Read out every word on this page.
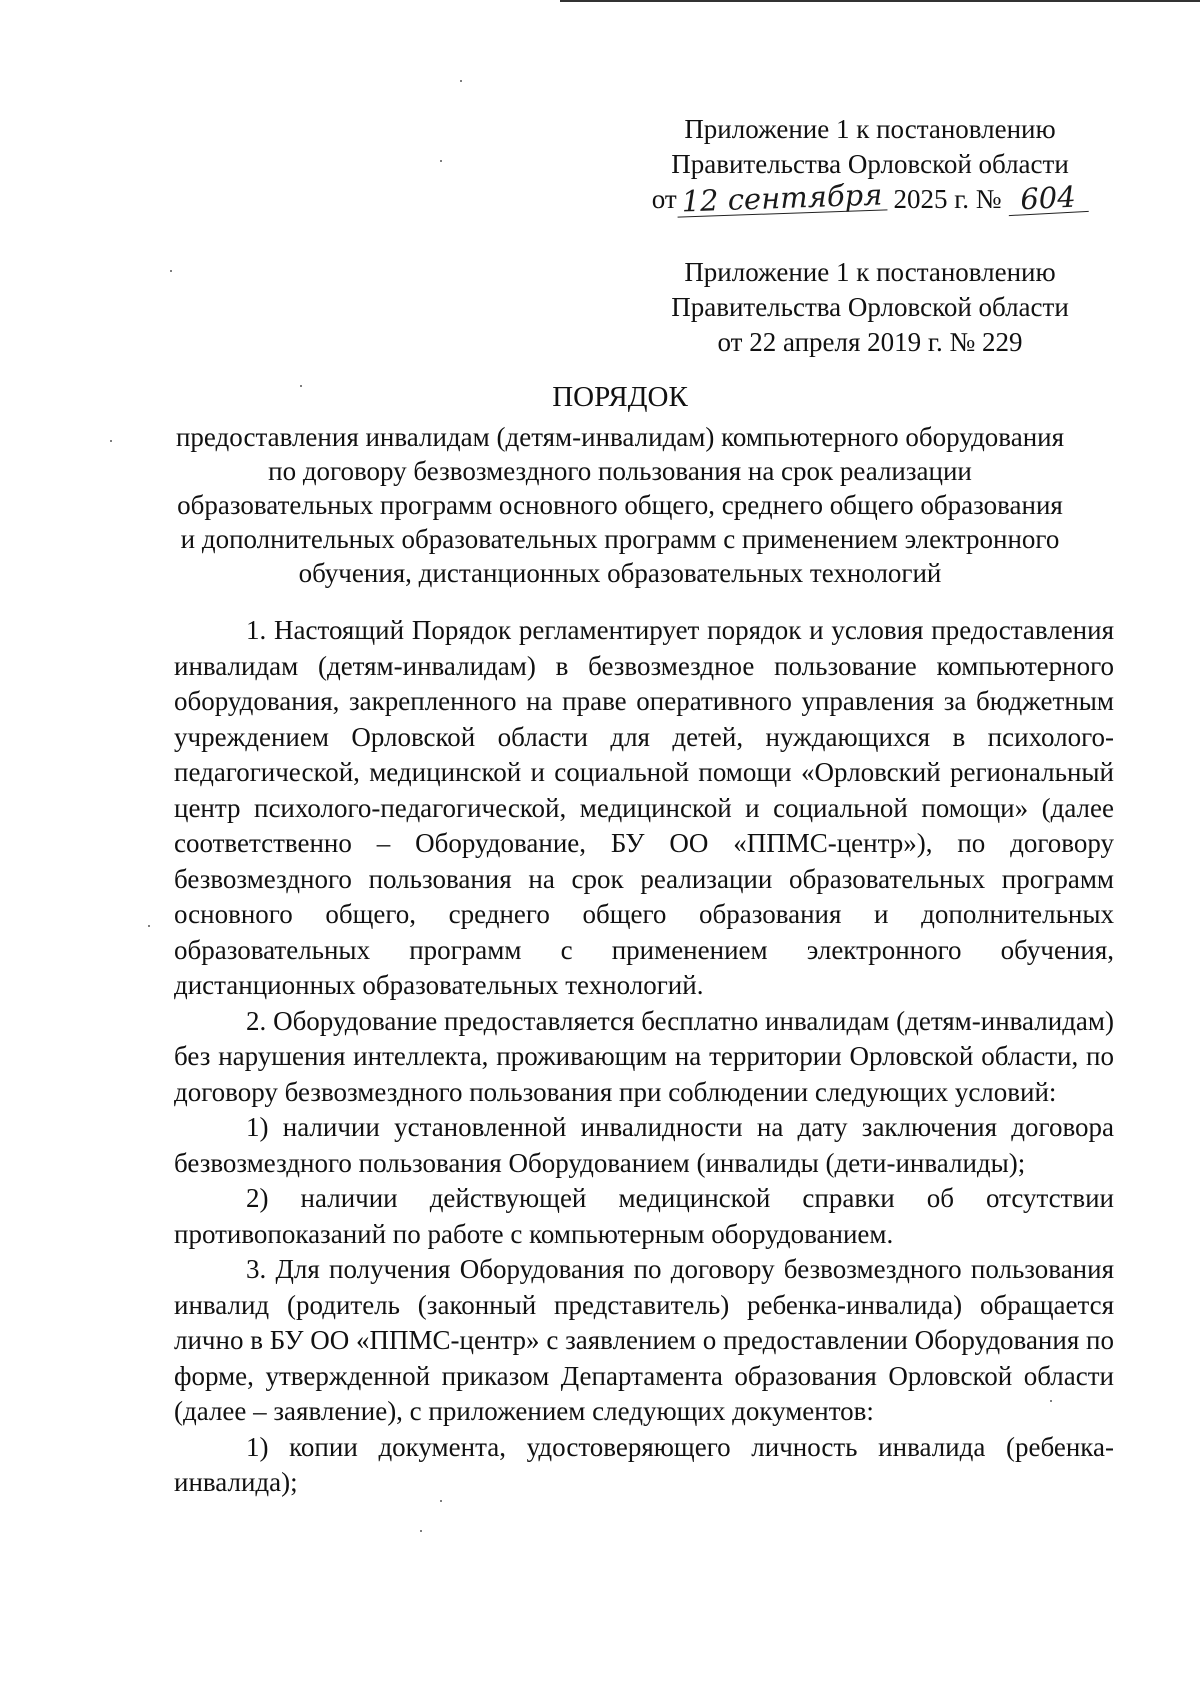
Приложение 1 к постановлению

Правительства Орловской области

от 12 сентября 2025 г. № 604

Приложение 1 к постановлению

Правительства Орловской области

от 22 апреля 2019 г. № 229

ПОРЯДОК

предоставления инвалидам (детям-инвалидам) компьютерного оборудования по договору безвозмездного пользования на срок реализации образовательных программ основного общего, среднего общего образования и дополнительных образовательных программ с применением электронного обучения, дистанционных образовательных технологий

1. Настоящий Порядок регламентирует порядок и условия предоставления инвалидам (детям-инвалидам) в безвозмездное пользование компьютерного оборудования, закрепленного на праве оперативного управления за бюджетным учреждением Орловской области для детей, нуждающихся в психолого-педагогической, медицинской и социальной помощи «Орловский региональный центр психолого-педагогической, медицинской и социальной помощи» (далее соответственно – Оборудование, БУ ОО «ППМС-центр»), по договору безвозмездного пользования на срок реализации образовательных программ основного общего, среднего общего образования и дополнительных образовательных программ с применением электронного обучения, дистанционных образовательных технологий.

2. Оборудование предоставляется бесплатно инвалидам (детям-инвалидам) без нарушения интеллекта, проживающим на территории Орловской области, по договору безвозмездного пользования при соблюдении следующих условий:

1) наличии установленной инвалидности на дату заключения договора безвозмездного пользования Оборудованием (инвалиды (дети-инвалиды);

2) наличии действующей медицинской справки об отсутствии противопоказаний по работе с компьютерным оборудованием.

3. Для получения Оборудования по договору безвозмездного пользования инвалид (родитель (законный представитель) ребенка-инвалида) обращается лично в БУ ОО «ППМС-центр» с заявлением о предоставлении Оборудования по форме, утвержденной приказом Департамента образования Орловской области (далее – заявление), с приложением следующих документов:

1) копии документа, удостоверяющего личность инвалида (ребенка-инвалида);
